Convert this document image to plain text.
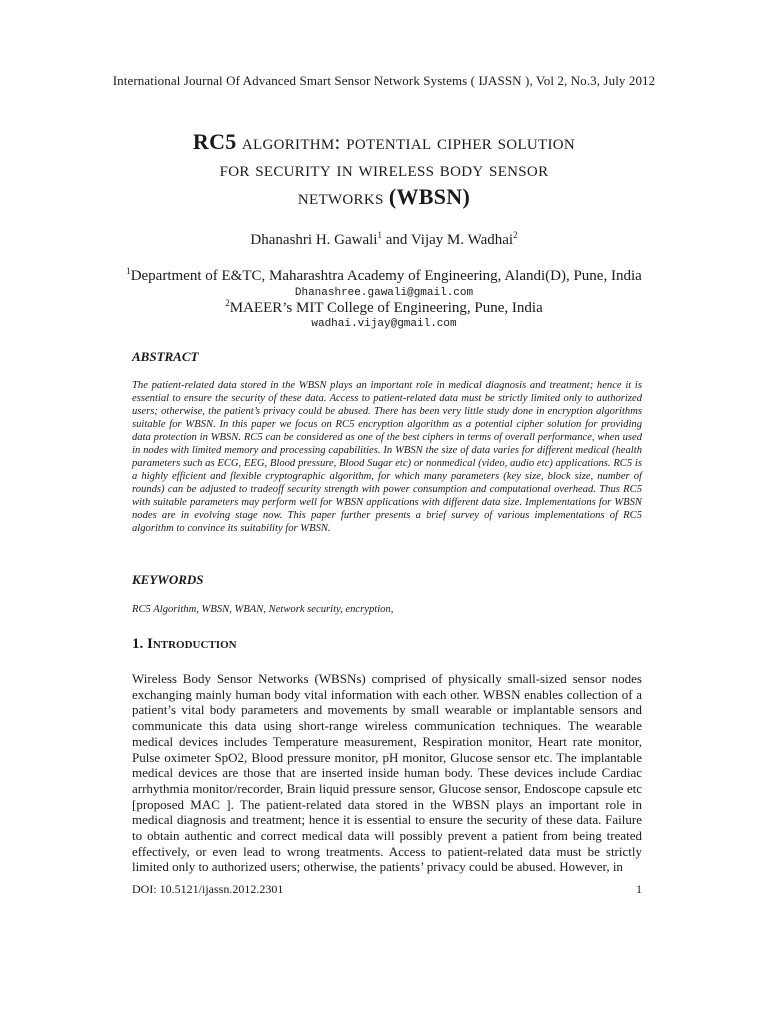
International Journal Of Advanced Smart Sensor Network Systems ( IJASSN ), Vol 2, No.3, July 2012
RC5 algorithm: potential cipher solution
for security in wireless body sensor
networks (WBSN)
Dhanashri H. Gawali$^1$ and Vijay M. Wadhai$^2$
$^1$Department of E&TC, Maharashtra Academy of Engineering, Alandi(D), Pune, India
Dhanashree.gawali@gmail.com
$^2$MAEER’s MIT College of Engineering, Pune, India
wadhai.vijay@gmail.com
ABSTRACT

The patient-related data stored in the WBSN plays an important role in medical diagnosis and treatment; hence it is essential to ensure the security of these data. Access to patient-related data must be strictly limited only to authorized users; otherwise, the patient’s privacy could be abused. There has been very little study done in encryption algorithms suitable for WBSN. In this paper we focus on RC5 encryption algorithm as a potential cipher solution for providing data protection in WBSN. RC5 can be considered as one of the best ciphers in terms of overall performance, when used in nodes with limited memory and processing capabilities. In WBSN the size of data varies for different medical (health parameters such as ECG, EEG, Blood pressure, Blood Sugar etc) or nonmedical (video, audio etc) applications. RC5 is a highly efficient and flexible cryptographic algorithm, for which many parameters (key size, block size, number of rounds) can be adjusted to tradeoff security strength with power consumption and computational overhead. Thus RC5 with suitable parameters may perform well for WBSN applications with different data size. Implementations for WBSN nodes are in evolving stage now. This paper further presents a brief survey of various implementations of RC5 algorithm to convince its suitability for WBSN.

KEYWORDS

RC5 Algorithm, WBSN, WBAN, Network security, encryption,

1. Introduction

Wireless Body Sensor Networks (WBSNs) comprised of physically small-sized sensor nodes exchanging mainly human body vital information with each other. WBSN enables collection of a patient’s vital body parameters and movements by small wearable or implantable sensors and communicate this data using short-range wireless communication techniques. The wearable medical devices includes Temperature measurement, Respiration monitor, Heart rate monitor, Pulse oximeter SpO2, Blood pressure monitor, pH monitor, Glucose sensor etc. The implantable medical devices are those that are inserted inside human body. These devices include Cardiac arrhythmia monitor/recorder, Brain liquid pressure sensor, Glucose sensor, Endoscope capsule etc [proposed MAC ]. The patient-related data stored in the WBSN plays an important role in medical diagnosis and treatment; hence it is essential to ensure the security of these data. Failure to obtain authentic and correct medical data will possibly prevent a patient from being treated effectively, or even lead to wrong treatments. Access to patient-related data must be strictly limited only to authorized users; otherwise, the patients’ privacy could be abused. However, in

DOI: 10.5121/ijassn.2012.2301	1
